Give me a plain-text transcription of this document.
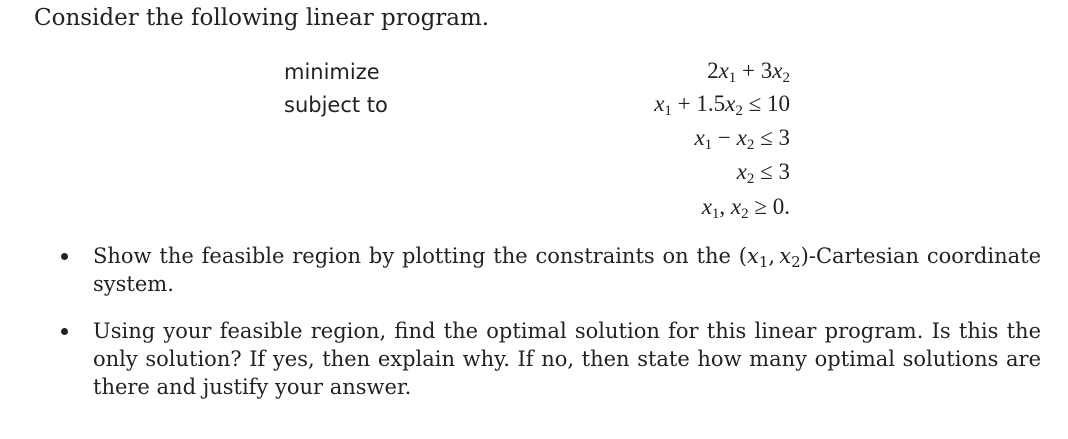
Consider the following linear program.
minimize
subject to
2x1 + 3x2
x1 + 1.5x2 ≤ 10
x1 − x2 ≤ 3
x2 ≤ 3
x1, x2 ≥ 0.
Show the feasible region by plotting the constraints on the (x1,  x2)-Cartesian coordinate system.
Using your feasible region, find the optimal solution for this linear program. Is this the only solution? If yes, then explain why. If no, then state how many optimal solutions are there and justify your answer.
